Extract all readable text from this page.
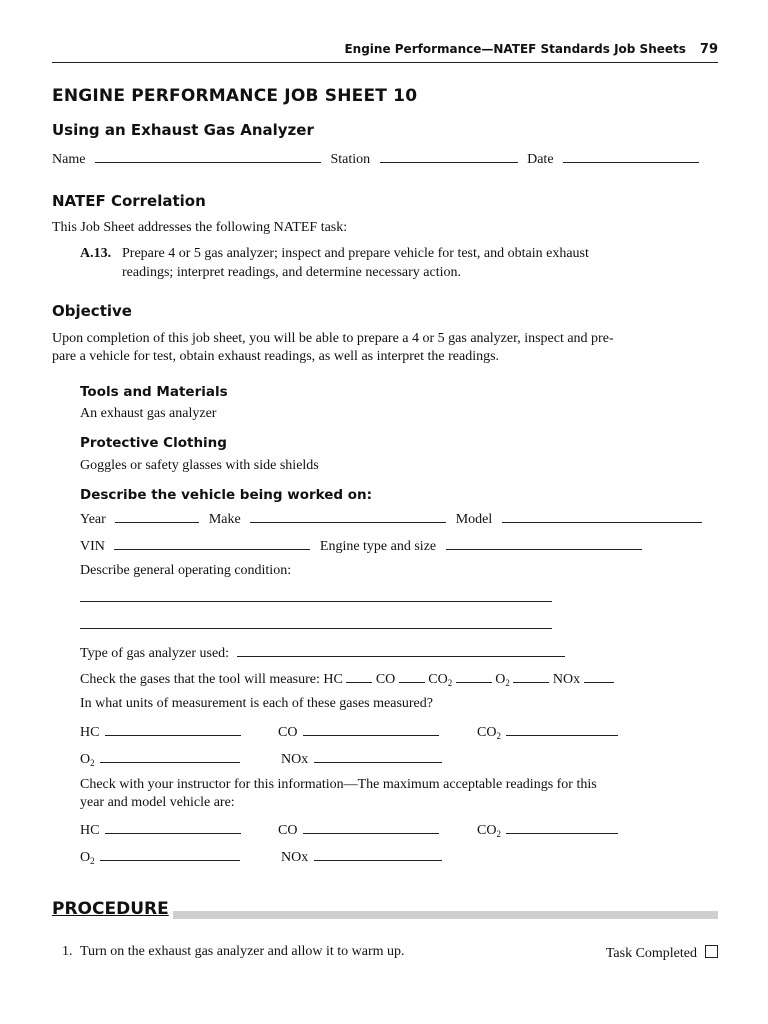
Engine Performance—NATEF Standards Job Sheets 79
ENGINE PERFORMANCE JOB SHEET 10
Using an Exhaust Gas Analyzer
Name	Station	Date
NATEF Correlation
This Job Sheet addresses the following NATEF task:
A.13. Prepare 4 or 5 gas analyzer; inspect and prepare vehicle for test, and obtain exhaust
readings; interpret readings, and determine necessary action.
Objective
Upon completion of this job sheet, you will be able to prepare a 4 or 5 gas analyzer, inspect and pre-
pare a vehicle for test, obtain exhaust readings, as well as interpret the readings.
Tools and Materials
An exhaust gas analyzer
Protective Clothing
Goggles or safety glasses with side shields
Describe the vehicle being worked on:
Year	Make	Model
VIN	Engine type and size
Describe general operating condition:
Type of gas analyzer used:
Check the gases that the tool will measure: HC CO $CO_2$	$O_2$	NOx
In what units of measurement is each of these gases measured?
HC	CO	$CO_2$
$O_2$	NOx
Check with your instructor for this information—The maximum acceptable readings for this
year and model vehicle are:
HC	CO	$CO_2$
$O_2$	NOx
PROCEDURE
1. Turn on the exhaust gas analyzer and allow it to warm up.	Task Completed
